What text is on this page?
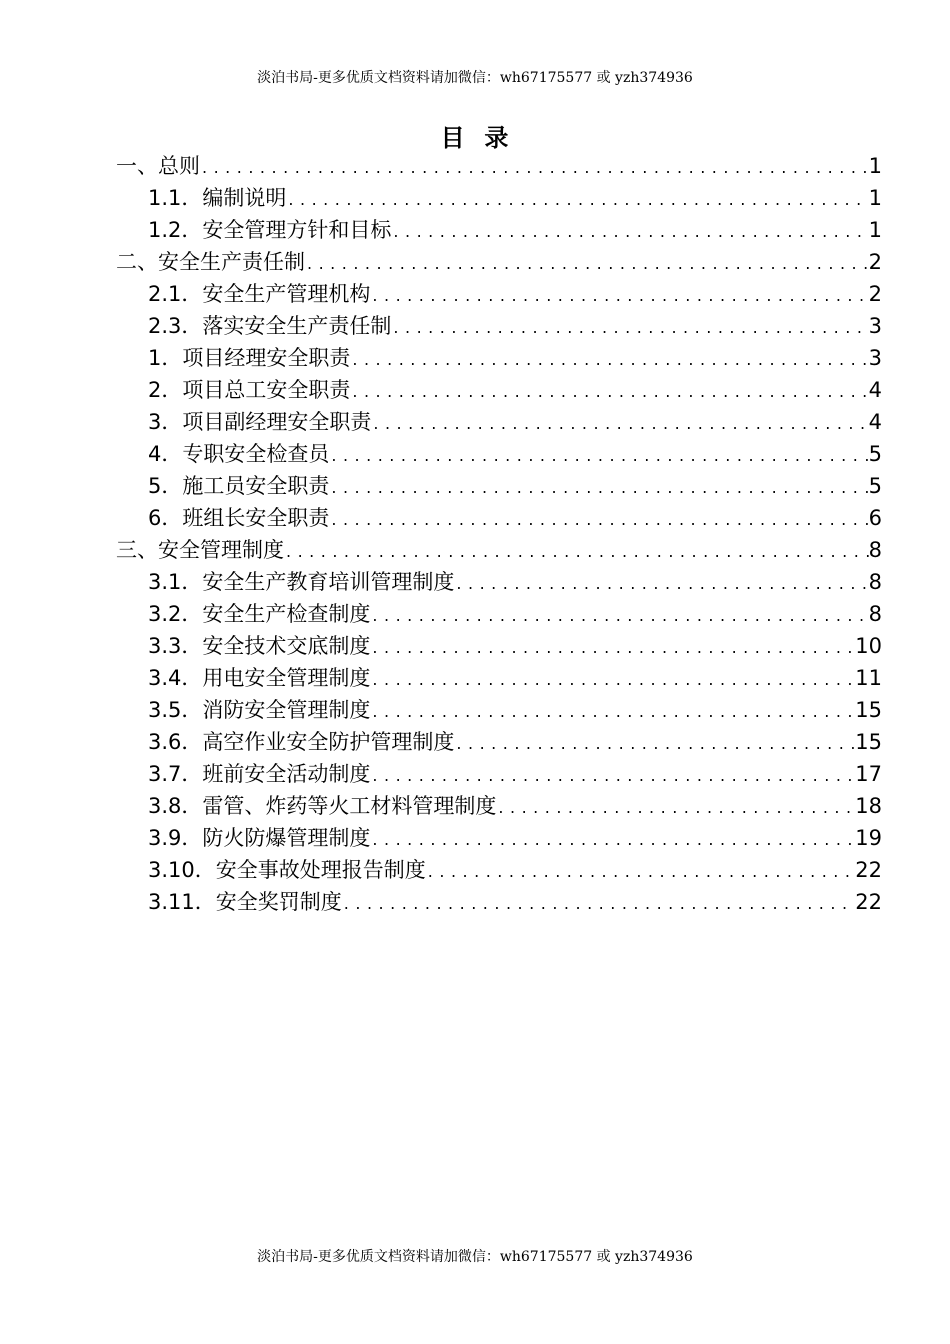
淡泊书局-更多优质文档资料请加微信：wh67175577 或 yzh374936
目  录
一、总则 .....	1
1.1．编制说明 .....	1
1.2．安全管理方针和目标 .....	1
二、安全生产责任制 .....	2
2.1．安全生产管理机构 .....	2
2.3．落实安全生产责任制 .....	3
1．项目经理安全职责 .....	3
2．项目总工安全职责 .....	4
3．项目副经理安全职责 .....	4
4．专职安全检查员 .....	5
5．施工员安全职责 .....	5
6．班组长安全职责 .....	6
三、安全管理制度 .....	8
3.1．安全生产教育培训管理制度 .....	8
3.2．安全生产检查制度 .....	8
3.3．安全技术交底制度 .....	10
3.4．用电安全管理制度 .....	11
3.5．消防安全管理制度 .....	15
3.6．高空作业安全防护管理制度 .....	15
3.7．班前安全活动制度 .....	17
3.8．雷管、炸药等火工材料管理制度 .....	18
3.9．防火防爆管理制度 .....	19
3.10．安全事故处理报告制度 .....	22
3.11．安全奖罚制度 .....	22
淡泊书局-更多优质文档资料请加微信：wh67175577 或 yzh374936
